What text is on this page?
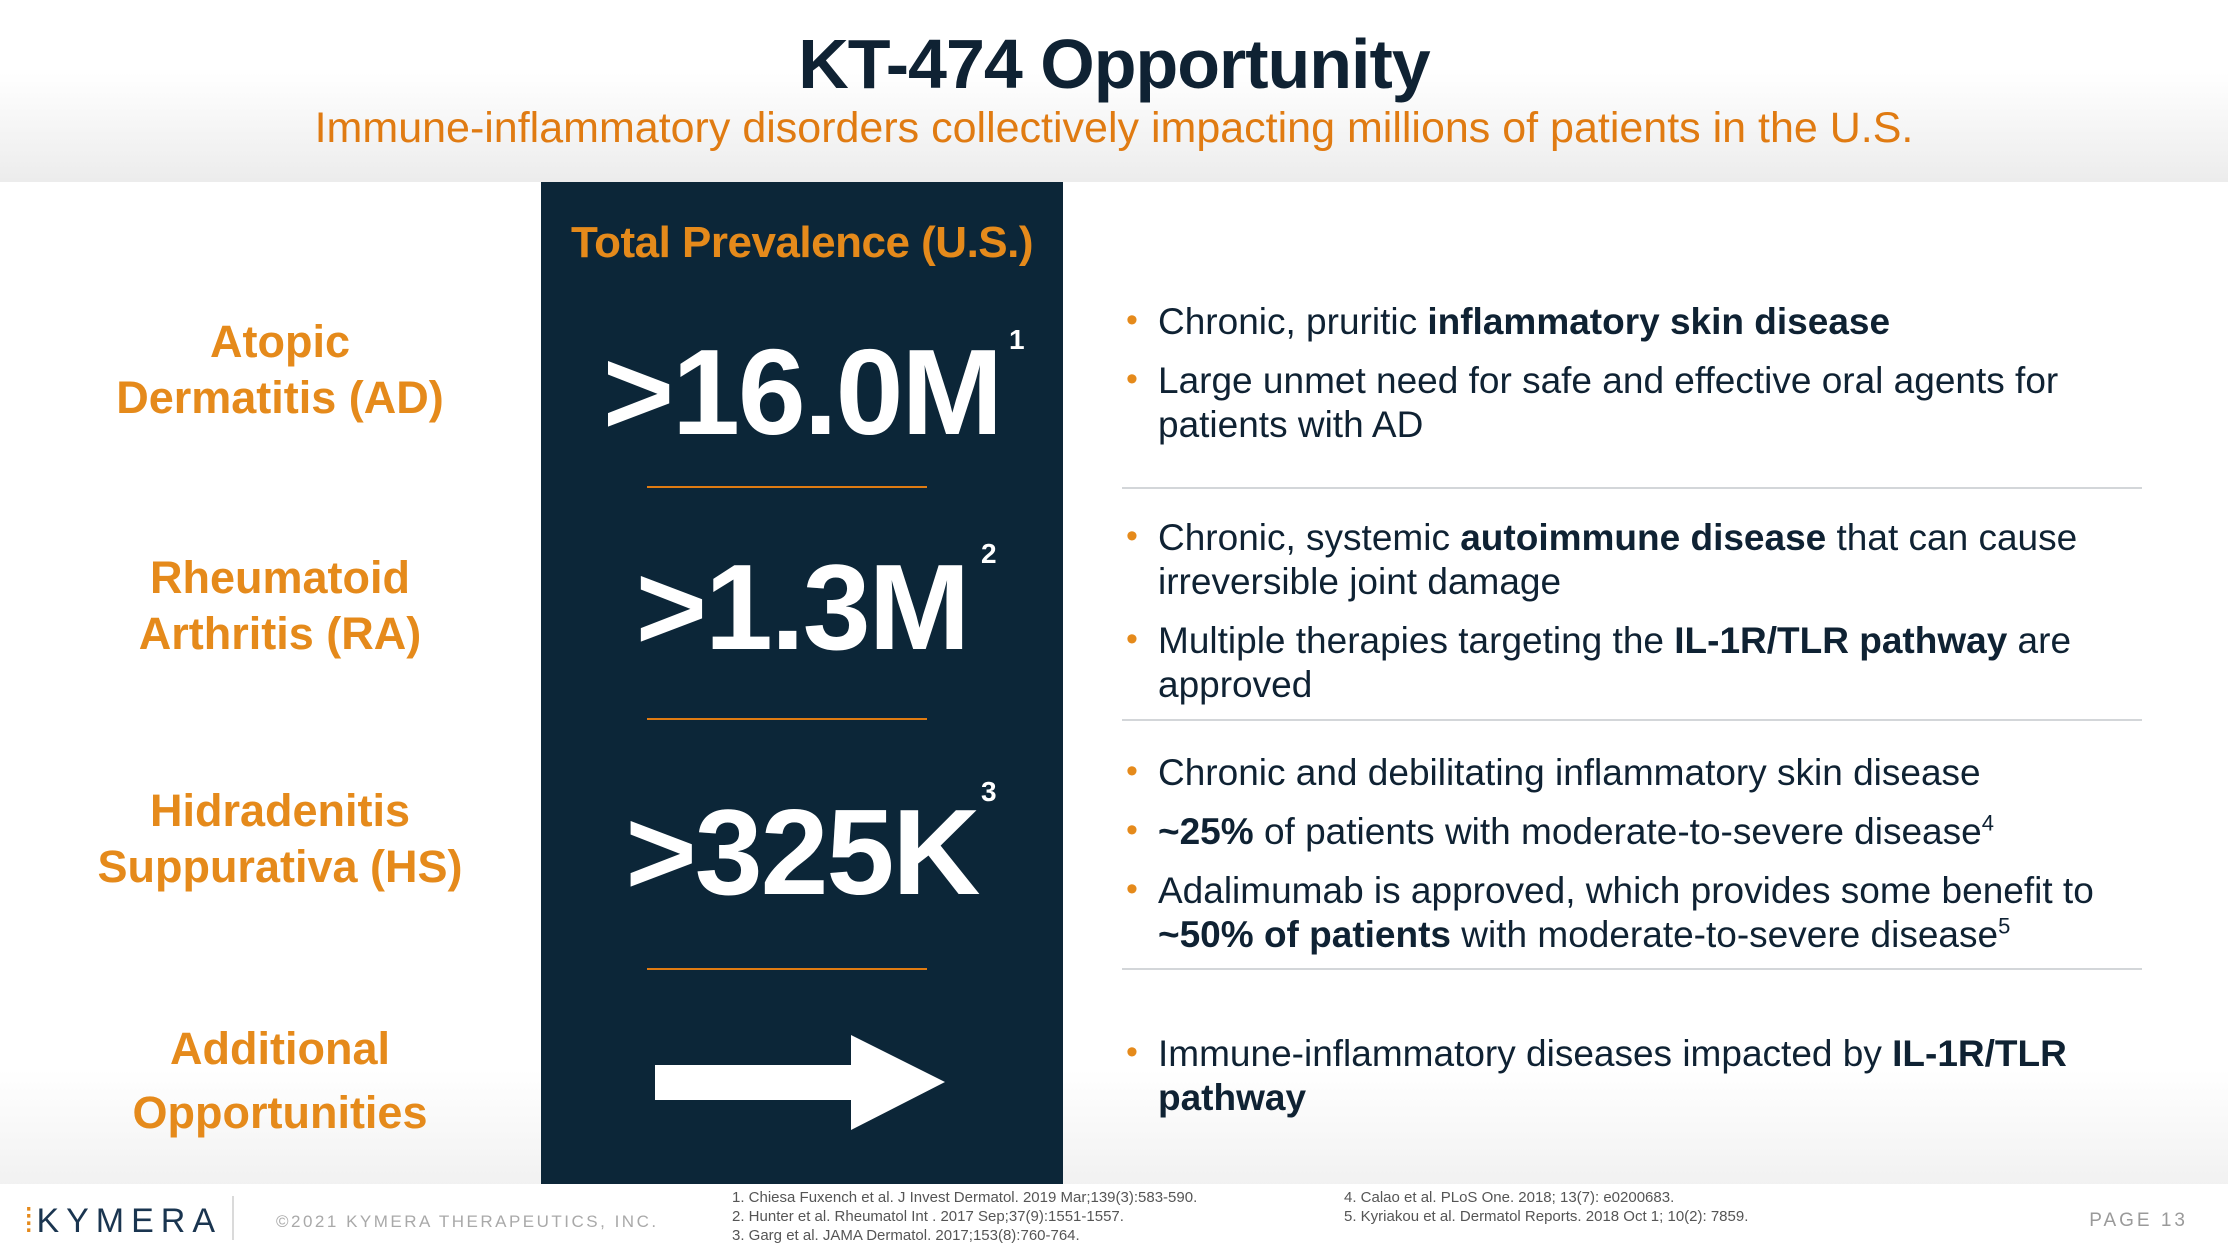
KT-474 Opportunity
Immune-inflammatory disorders collectively impacting millions of patients in the U.S.
Atopic
Dermatitis (AD)
Rheumatoid
Arthritis (RA)
Hidradenitis
Suppurativa (HS)
Additional
Opportunities
Total Prevalence (U.S.)
>16.0M 1
>1.3M 2
>325K 3
• Chronic, pruritic inflammatory skin disease
• Large unmet need for safe and effective oral agents for patients with AD
• Chronic, systemic autoimmune disease that can cause irreversible joint damage
• Multiple therapies targeting the IL-1R/TLR pathway are approved
• Chronic and debilitating inflammatory skin disease
• ~25% of patients with moderate-to-severe disease$^4$
• Adalimumab is approved, which provides some benefit to ~50% of patients with moderate-to-severe disease$^5$
• Immune-inflammatory diseases impacted by IL-1R/TLR pathway
⁞KYMERA	©2021 KYMERA THERAPEUTICS, INC.
1. Chiesa Fuxench et al. J Invest Dermatol. 2019 Mar;139(3):583-590.
2. Hunter et al. Rheumatol Int . 2017 Sep;37(9):1551-1557.
3. Garg et al. JAMA Dermatol. 2017;153(8):760-764.
4. Calao et al. PLoS One. 2018; 13(7): e0200683.
5. Kyriakou et al. Dermatol Reports. 2018 Oct 1; 10(2): 7859.	PAGE 13
